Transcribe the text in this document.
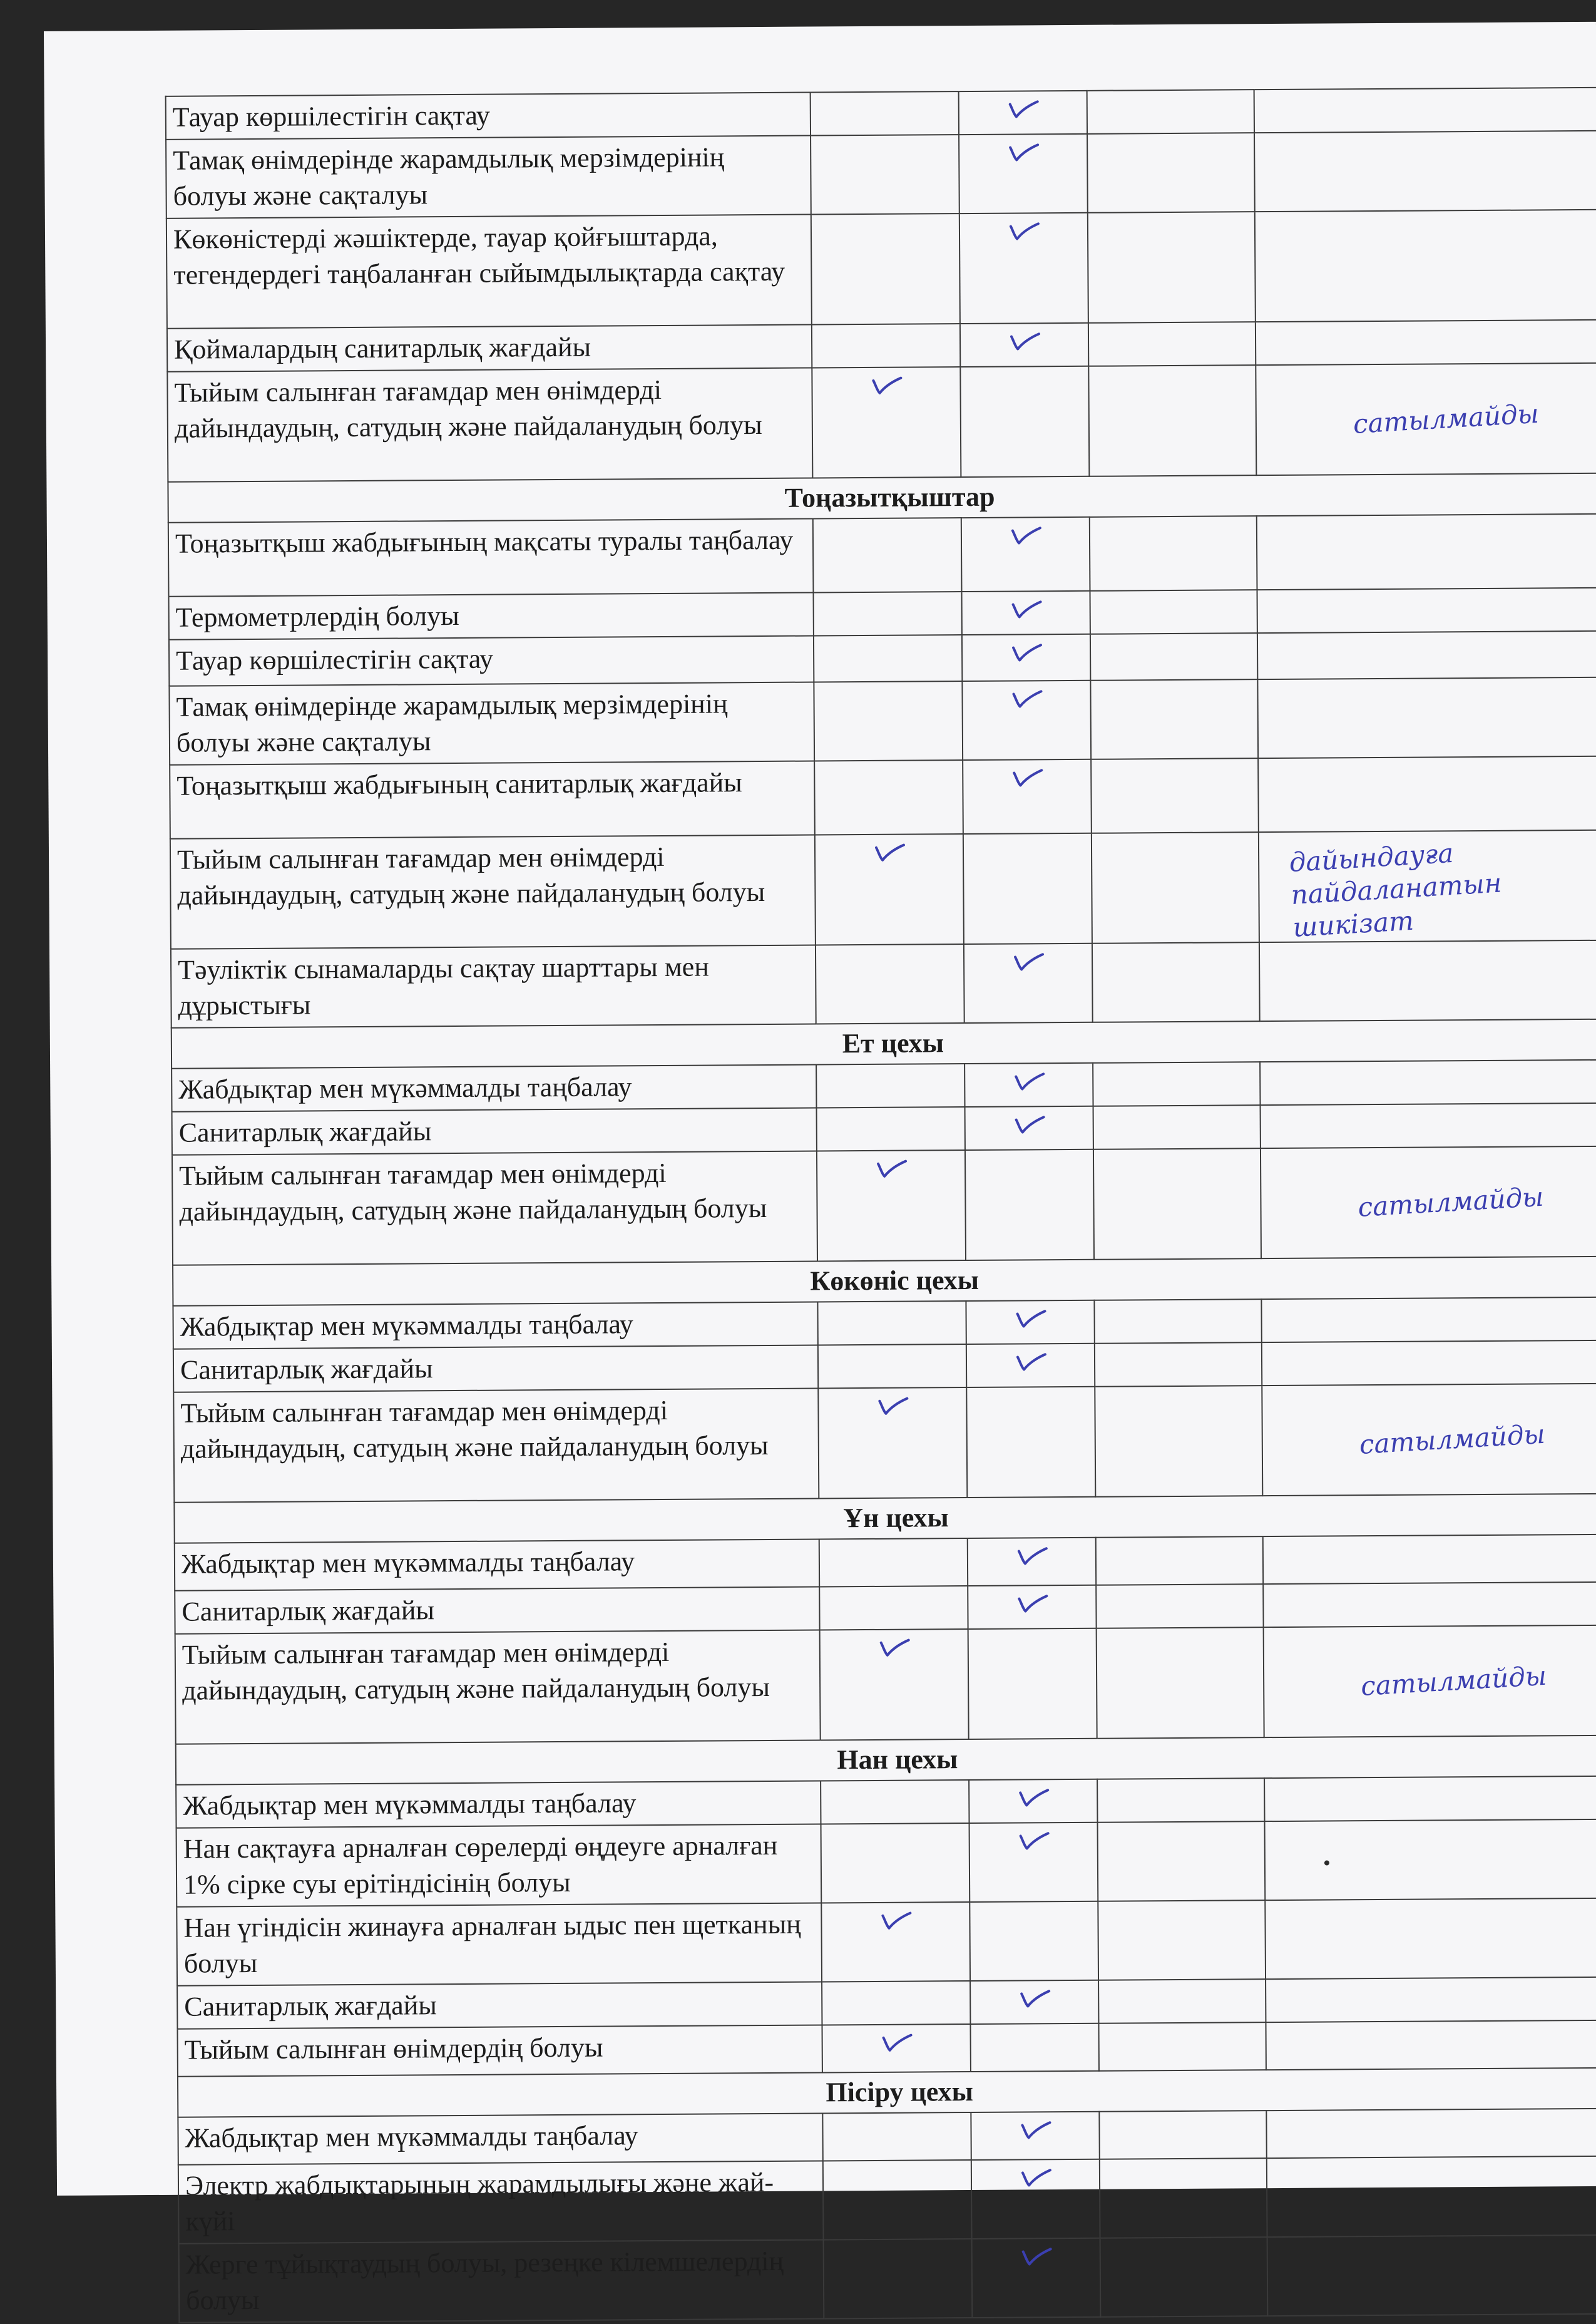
Тауар көршілестігін сақтау		

Тамақ өнімдерінде жарамдылық мерзімдерінің болуы және сақталуы		

Көкөністерді жәшіктерде, тауар қойғыштарда, тегендердегі таңбаланған сыйымдылықтарда сақтау		

Қоймалардың санитарлық жағдайы		

Тыйым салынған тағамдар мен өнімдерді дайындаудың, сатудың және пайдаланудың болуы				сатылмайды

Тоңазытқыштар				
Тоңазытқыш жабдығының мақсаты туралы таңбалау		

Термометрлердің болуы		

Тауар көршілестігін сақтау		

Тамақ өнімдерінде жарамдылық мерзімдерінің болуы және сақталуы		

Тоңазытқыш жабдығының санитарлық жағдайы		

Тыйым салынған тағамдар мен өнімдерді дайындаудың, сатудың және пайдаланудың болуы				дайындауға пайдаланатын шикізат

Тәуліктік сынамаларды сақтау шарттары мен дұрыстығы		

Ет цехы				
Жабдықтар мен мүкәммалды таңбалау		

Санитарлық жағдайы		

Тыйым салынған тағамдар мен өнімдерді дайындаудың, сатудың және пайдаланудың болуы				сатылмайды

Көкөніс цехы				
Жабдықтар мен мүкәммалды таңбалау		

Санитарлық жағдайы		

Тыйым салынған тағамдар мен өнімдерді дайындаудың, сатудың және пайдаланудың болуы				сатылмайды

Ұн цехы				
Жабдықтар мен мүкәммалды таңбалау		

Санитарлық жағдайы		

Тыйым салынған тағамдар мен өнімдерді дайындаудың, сатудың және пайдаланудың болуы				сатылмайды

Нан цехы				
Жабдықтар мен мүкәммалды таңбалау		

Нан сақтауға арналған сөрелерді өңдеуге арналған 1% сірке суы ерітіндісінің болуы		

Нан үгіндісін жинауға арналған ыдыс пен щетканың болуы	

Санитарлық жағдайы		

Тыйым салынған өнімдердің болуы	

Пісіру цехы				
Жабдықтар мен мүкәммалды таңбалау		

Электр жабдықтарының жарамдылығы және жай-күйі		

Жерге тұйықтаудың болуы, резеңке кілемшелердің болуы		
